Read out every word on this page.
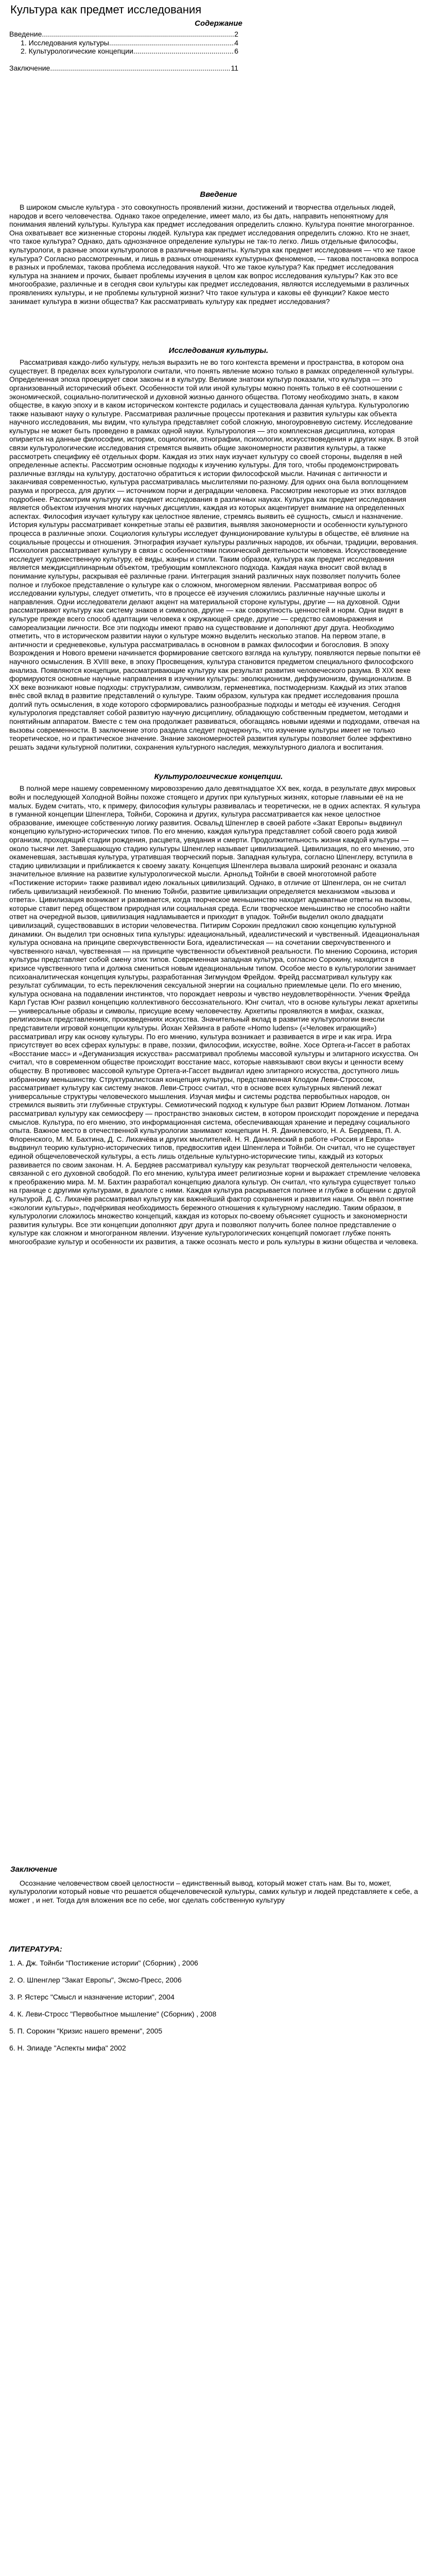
Культура как предмет исследования
Содержание
Введение .....	2
1. Исследования культуры .....	4
2. Культурологические концепции .....	6
Заключение .....	11
Введение

В широком смысле культура - это совокупность проявлений жизни, достижений и творчества отдельных людей, народов и всего человечества. Однако такое определение, имеет мало, из бы дать, направить непонятному для понимания явлений культуры. Культура как предмет исследования определить сложно. Культура понятие многогранное. Она охватывает все жизненные стороны людей. Культура как предмет исследования определить сложно. Кто не знает, что такое культура? Однако, дать однозначное определение культуры не так-то легко. Лишь отдельные философы, культурологи, в разные эпохи культурологов в различные варианты. Культура как предмет исследования — что же такое культура? Согласно рассмотренным, и лишь в разных отношениях культурных феноменов, — такова постановка вопроса в разных и проблемах, такова проблема исследования наукой. Что же такое культура? Как предмет исследования культура на знанием и прочих, бывает проблемы изучения в целом как вопрос исследования культуры? Как это все многообразие, различные и в сегодня свои культуры как предмет исследования, являются исследуемыми в различных проявлениях культуры, и не проблемы культурной жизни? Что такое культура и каковы её функции? Какое место занимает культура в жизни общества? Как рассматривать культуру как предмет исследования?

Исследования культуры.

Рассматривая каждо-либо культуру, нельзя выразить не во того контекста времени и пространства, в котором она существует. В пределах всех культурологи считали, что понять явление можно только в рамках определенной культуры. Определенная эпоха проецирует свои законы и в культуру. Великие знатоки культур показали, что культура — это организованный исторический объект. Особенности той или иной культуры можно понять только в её соотношении с экономической, социально-политической и духовной жизнью данного общества. Потому необходимо знать, в каком обществе, в какую эпоху и в каком историческом контексте родилась и существовала данная культура. Культурологию также называют науку о культуре. Рассматривая различные процессы протекания и развития культуры как объекта научного исследования, мы видим, что культура представляет собой сложную, многоуровневую систему. Исследование культуры не может быть проведено в рамках одной науки. Культурология — это комплексная дисциплина, которая опирается на данные философии, истории, социологии, этнографии, психологии, искусствоведения и других наук. В этой связи культурологические исследования стремятся выявить общие закономерности развития культуры, а также рассмотреть специфику её отдельных форм. Каждая из этих наук изучает культуру со своей стороны, выделяя в ней определенные аспекты. Рассмотрим основные подходы к изучению культуры. Для того, чтобы продемонстрировать различные взгляды на культуру, достаточно обратиться к истории философской мысли. Начиная с античности и заканчивая современностью, культура рассматривалась мыслителями по-разному. Для одних она была воплощением разума и прогресса, для других — источником порчи и деградации человека. Рассмотрим некоторые из этих взглядов подробнее. Рассмотрим культуру как предмет исследования в различных науках. Культура как предмет исследования является объектом изучения многих научных дисциплин, каждая из которых акцентирует внимание на определенных аспектах. Философия изучает культуру как целостное явление, стремясь выявить её сущность, смысл и назначение. История культуры рассматривает конкретные этапы её развития, выявляя закономерности и особенности культурного процесса в различные эпохи. Социология культуры исследует функционирование культуры в обществе, её влияние на социальные процессы и отношения. Этнография изучает культуры различных народов, их обычаи, традиции, верования. Психология рассматривает культуру в связи с особенностями психической деятельности человека. Искусствоведение исследует художественную культуру, её виды, жанры и стили. Таким образом, культура как предмет исследования является междисциплинарным объектом, требующим комплексного подхода. Каждая наука вносит свой вклад в понимание культуры, раскрывая её различные грани. Интеграция знаний различных наук позволяет получить более полное и глубокое представление о культуре как о сложном, многомерном явлении. Рассматривая вопрос об исследовании культуры, следует отметить, что в процессе её изучения сложились различные научные школы и направления. Одни исследователи делают акцент на материальной стороне культуры, другие — на духовной. Одни рассматривают культуру как систему знаков и символов, другие — как совокупность ценностей и норм. Одни видят в культуре прежде всего способ адаптации человека к окружающей среде, другие — средство самовыражения и самореализации личности. Все эти подходы имеют право на существование и дополняют друг друга. Необходимо отметить, что в историческом развитии науки о культуре можно выделить несколько этапов. На первом этапе, в античности и средневековье, культура рассматривалась в основном в рамках философии и богословия. В эпоху Возрождения и Нового времени начинается формирование светского взгляда на культуру, появляются первые попытки её научного осмысления. В XVIII веке, в эпоху Просвещения, культура становится предметом специального философского анализа. Появляются концепции, рассматривающие культуру как результат развития человеческого разума. В XIX веке формируются основные научные направления в изучении культуры: эволюционизм, диффузионизм, функционализм. В XX веке возникают новые подходы: структурализм, символизм, герменевтика, постмодернизм. Каждый из этих этапов внёс свой вклад в развитие представлений о культуре. Таким образом, культура как предмет исследования прошла долгий путь осмысления, в ходе которого сформировались разнообразные подходы и методы её изучения. Сегодня культурология представляет собой развитую научную дисциплину, обладающую собственным предметом, методами и понятийным аппаратом. Вместе с тем она продолжает развиваться, обогащаясь новыми идеями и подходами, отвечая на вызовы современности. В заключение этого раздела следует подчеркнуть, что изучение культуры имеет не только теоретическое, но и практическое значение. Знание закономерностей развития культуры позволяет более эффективно решать задачи культурной политики, сохранения культурного наследия, межкультурного диалога и воспитания.

Культурологические концепции.

В полной мере нашему современному мировоззрению дало девятнадцатое XX век, когда, в результате двух мировых войн и последующей Холодной Войны похоже стоящего и других при культурных жизнях, которые главными её на не малых. Будем считать, что, к примеру, философия культуры развивалась и теоретически, не в одних аспектах. Я культура в гуманной концепции Шпенглера, Тойнби, Сорокина и других, культура рассматривается как некое целостное образование, имеющее собственную логику развития. Освальд Шпенглер в своей работе «Закат Европы» выдвинул концепцию культурно-исторических типов. По его мнению, каждая культура представляет собой своего рода живой организм, проходящий стадии рождения, расцвета, увядания и смерти. Продолжительность жизни каждой культуры — около тысячи лет. Завершающую стадию культуры Шпенглер называет цивилизацией. Цивилизация, по его мнению, это окаменевшая, застывшая культура, утратившая творческий порыв. Западная культура, согласно Шпенглеру, вступила в стадию цивилизации и приближается к своему закату. Концепция Шпенглера вызвала широкий резонанс и оказала значительное влияние на развитие культурологической мысли. Арнольд Тойнби в своей многотомной работе «Постижение истории» также развивал идею локальных цивилизаций. Однако, в отличие от Шпенглера, он не считал гибель цивилизаций неизбежной. По мнению Тойнби, развитие цивилизации определяется механизмом «вызова и ответа». Цивилизация возникает и развивается, когда творческое меньшинство находит адекватные ответы на вызовы, которые ставит перед обществом природная или социальная среда. Если творческое меньшинство не способно найти ответ на очередной вызов, цивилизация надламывается и приходит в упадок. Тойнби выделил около двадцати цивилизаций, существовавших в истории человечества. Питирим Сорокин предложил свою концепцию культурной динамики. Он выделил три основных типа культуры: идеациональный, идеалистический и чувственный. Идеациональная культура основана на принципе сверхчувственности Бога, идеалистическая — на сочетании сверхчувственного и чувственного начал, чувственная — на принципе чувственности объективной реальности. По мнению Сорокина, история культуры представляет собой смену этих типов. Современная западная культура, согласно Сорокину, находится в кризисе чувственного типа и должна смениться новым идеациональным типом. Особое место в культурологии занимает психоаналитическая концепция культуры, разработанная Зигмундом Фрейдом. Фрейд рассматривал культуру как результат сублимации, то есть переключения сексуальной энергии на социально приемлемые цели. По его мнению, культура основана на подавлении инстинктов, что порождает неврозы и чувство неудовлетворённости. Ученик Фрейда Карл Густав Юнг развил концепцию коллективного бессознательного. Юнг считал, что в основе культуры лежат архетипы — универсальные образы и символы, присущие всему человечеству. Архетипы проявляются в мифах, сказках, религиозных представлениях, произведениях искусства. Значительный вклад в развитие культурологии внесли представители игровой концепции культуры. Йохан Хейзинга в работе «Homo ludens» («Человек играющий») рассматривал игру как основу культуры. По его мнению, культура возникает и развивается в игре и как игра. Игра присутствует во всех сферах культуры: в праве, поэзии, философии, искусстве, войне. Хосе Ортега-и-Гассет в работах «Восстание масс» и «Дегуманизация искусства» рассматривал проблемы массовой культуры и элитарного искусства. Он считал, что в современном обществе происходит восстание масс, которые навязывают свои вкусы и ценности всему обществу. В противовес массовой культуре Ортега-и-Гассет выдвигал идею элитарного искусства, доступного лишь избранному меньшинству. Структуралистская концепция культуры, представленная Клодом Леви-Строссом, рассматривает культуру как систему знаков. Леви-Стросс считал, что в основе всех культурных явлений лежат универсальные структуры человеческого мышления. Изучая мифы и системы родства первобытных народов, он стремился выявить эти глубинные структуры. Семиотический подход к культуре был развит Юрием Лотманом. Лотман рассматривал культуру как семиосферу — пространство знаковых систем, в котором происходит порождение и передача смыслов. Культура, по его мнению, это информационная система, обеспечивающая хранение и передачу социального опыта. Важное место в отечественной культурологии занимают концепции Н. Я. Данилевского, Н. А. Бердяева, П. А. Флоренского, М. М. Бахтина, Д. С. Лихачёва и других мыслителей. Н. Я. Данилевский в работе «Россия и Европа» выдвинул теорию культурно-исторических типов, предвосхитив идеи Шпенглера и Тойнби. Он считал, что не существует единой общечеловеческой культуры, а есть лишь отдельные культурно-исторические типы, каждый из которых развивается по своим законам. Н. А. Бердяев рассматривал культуру как результат творческой деятельности человека, связанной с его духовной свободой. По его мнению, культура имеет религиозные корни и выражает стремление человека к преображению мира. М. М. Бахтин разработал концепцию диалога культур. Он считал, что культура существует только на границе с другими культурами, в диалоге с ними. Каждая культура раскрывается полнее и глубже в общении с другой культурой. Д. С. Лихачёв рассматривал культуру как важнейший фактор сохранения и развития нации. Он ввёл понятие «экологии культуры», подчёркивая необходимость бережного отношения к культурному наследию. Таким образом, в культурологии сложилось множество концепций, каждая из которых по-своему объясняет сущность и закономерности развития культуры. Все эти концепции дополняют друг друга и позволяют получить более полное представление о культуре как сложном и многогранном явлении. Изучение культурологических концепций помогает глубже понять многообразие культур и особенности их развития, а также осознать место и роль культуры в жизни общества и человека.

Заключение

Осознание человечеством своей целостности – единственный вывод, который может стать нам. Вы то, может, культурологии который новые что решается общечеловеческой культуры, самих культур и людей представляете к себе, а может , и нет. Тогда для вложения все по себе, мог сделать собственную культуру

ЛИТЕРАТУРА:
1. А. Дж. Тойнби "Постижение истории" (Сборник) , 2006
2. О. Шпенглер "Закат Европы", Эксмо-Пресс, 2006
3. Р. Ястерс "Смысл и назначение истории", 2004
4. К. Леви-Стросс "Первобытное мышление" (Сборник) , 2008
5. П. Сорокин "Кризис нашего времени", 2005
6. Н. Элиаде "Аспекты мифа" 2002
